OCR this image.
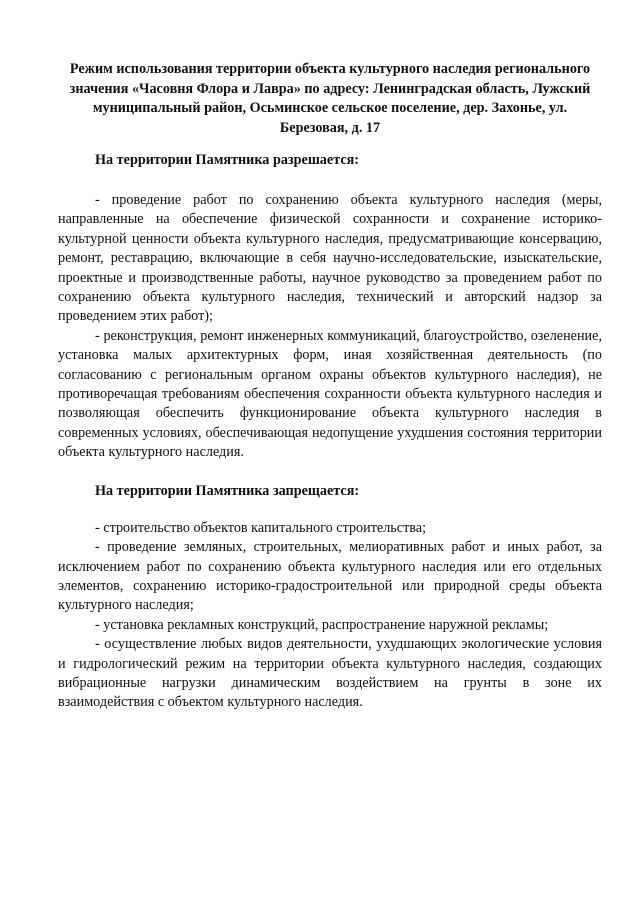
Режим использования территории объекта культурного наследия регионального значения «Часовня Флора и Лавра» по адресу: Ленинградская область, Лужский муниципальный район, Осьминское сельское поселение, дер. Захонье, ул. Березовая, д. 17

На территории Памятника разрешается:

- проведение работ по сохранению объекта культурного наследия (меры, направленные на обеспечение физической сохранности и сохранение историко-культурной ценности объекта культурного наследия, предусматривающие консервацию, ремонт, реставрацию, включающие в себя научно-исследовательские, изыскательские, проектные и производственные работы, научное руководство за проведением работ по сохранению объекта культурного наследия, технический и авторский надзор за проведением этих работ);

- реконструкция, ремонт инженерных коммуникаций, благоустройство, озеленение, установка малых архитектурных форм, иная хозяйственная деятельность (по согласованию с региональным органом охраны объектов культурного наследия), не противоречащая требованиям обеспечения сохранности объекта культурного наследия и позволяющая обеспечить функционирование объекта культурного наследия в современных условиях, обеспечивающая недопущение ухудшения состояния территории объекта культурного наследия.

На территории Памятника запрещается:

- строительство объектов капитального строительства;

- проведение земляных, строительных, мелиоративных работ и иных работ, за исключением работ по сохранению объекта культурного наследия или его отдельных элементов, сохранению историко-градостроительной или природной среды объекта культурного наследия;

- установка рекламных конструкций, распространение наружной рекламы;

- осуществление любых видов деятельности, ухудшающих экологические условия и гидрологический режим на территории объекта культурного наследия, создающих вибрационные нагрузки динамическим воздействием на грунты в зоне их взаимодействия с объектом культурного наследия.
